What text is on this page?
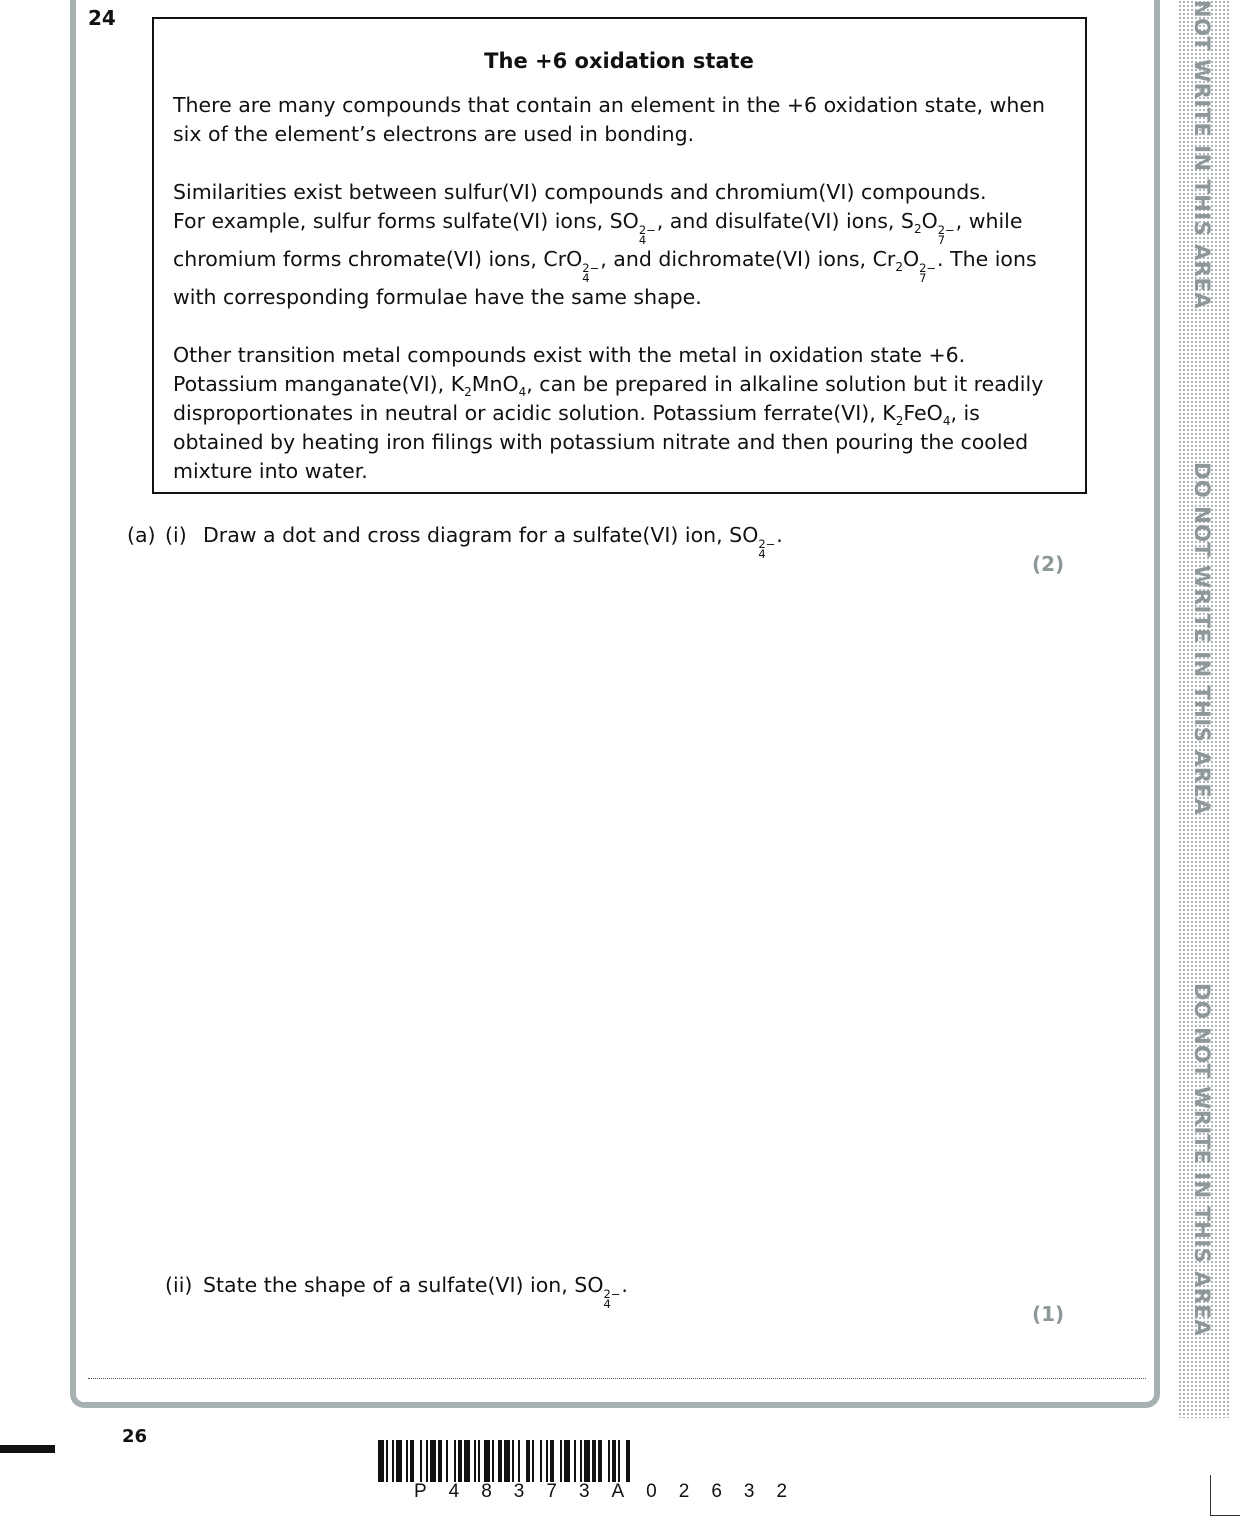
24
The +6 oxidation state

There are many compounds that contain an element in the +6 oxidation state, when six of the element’s electrons are used in bonding.

Similarities exist between sulfur(VI) compounds and chromium(VI) compounds.
For example, sulfur forms sulfate(VI) ions, SO 2−
4
, and disulfate(VI) ions, $S_2O$ 2−
7
, while chromium forms chromate(VI) ions, CrO 2−
4
, and dichromate(VI) ions, $Cr_2O$ 2−
7
. The ions with corresponding formulae have the same shape.

Other transition metal compounds exist with the metal in oxidation state +6. Potassium manganate(VI), $K_2MnO_4$, can be prepared in alkaline solution but it readily disproportionates in neutral or acidic solution. Potassium ferrate(VI), $K_2FeO_4$, is obtained by heating iron filings with potassium nitrate and then pouring the cooled mixture into water.

(a) (i) Draw a dot and cross diagram for a sulfate(VI) ion, SO 2−
4
.
(2)
(ii) State the shape of a sulfate(VI) ion, SO 2−
4
.
(1)
26
P48373A02632
NOT WRITE IN THIS AREA
DO NOT WRITE IN THIS AREA
DO NOT WRITE IN THIS AREA
